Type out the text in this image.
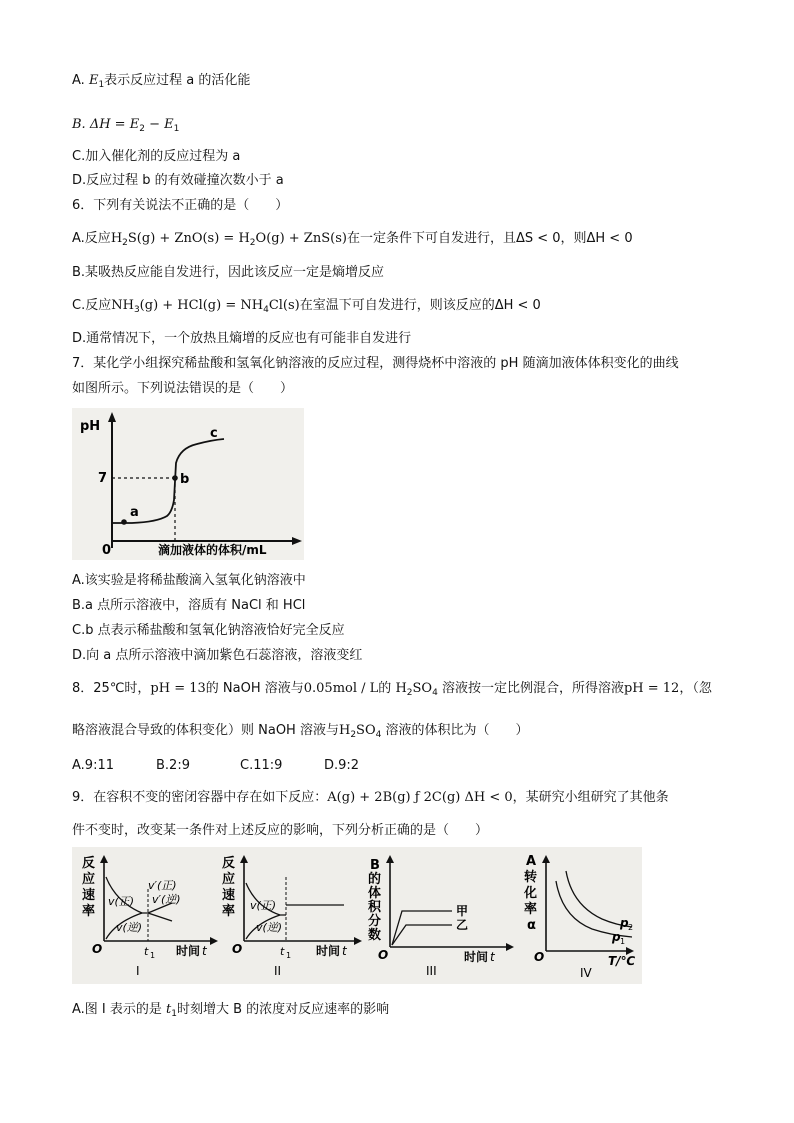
A. $E_1$表示反应过程 a 的活化能
B. $\Delta H = E_2 - E_1$
C.加入催化剂的反应过程为 a
D.反应过程 b 的有效碰撞次数小于 a
6．下列有关说法不正确的是（　　）
A.反应$H_2S(g) + ZnO(s) = H_2O(g) + ZnS(s)$在一定条件下可自发进行，且ΔS < 0，则ΔH < 0
B.某吸热反应能自发进行，因此该反应一定是熵增反应
C.反应$NH_3(g) + HCl(g) = NH_4Cl(s)$在室温下可自发进行，则该反应的ΔH < 0
D.通常情况下，一个放热且熵增的反应也有可能非自发进行
7．某化学小组探究稀盐酸和氢氧化钠溶液的反应过程，测得烧杯中溶液的 pH 随滴加液体体积变化的曲线
如图所示。下列说法错误的是（　　）
pH
7
0	滴加液体的体积/mL
a
b
c
A.该实验是将稀盐酸滴入氢氧化钠溶液中
B.a 点所示溶液中，溶质有 NaCl 和 HCl
C.b 点表示稀盐酸和氢氧化钠溶液恰好完全反应
D.向 a 点所示溶液中滴加紫色石蕊溶液，溶液变红
8．25℃时，pH = 13的 NaOH 溶液与0.05mol / L的 $H_2SO_4$ 溶液按一定比例混合，所得溶液pH = 12，（忽
略溶液混合导致的体积变化）则 NaOH 溶液与$H_2SO_4$ 溶液的体积比为（　　）
A.9:11	B.2:9	C.11:9	D.9:2
9．在容积不变的密闭容器中存在如下反应：A(g) + 2B(g) ƒ 2C(g) ΔH < 0，某研究小组研究了其他条
件不变时，改变某一条件对上述反应的影响，下列分析正确的是（　　）
反
应
速
率
v(正)
v(逆)
v′(正)
v′(逆)
O	t 1 时间 t
I
反
应
速
率 v(正)
v(逆)
O	t 1 时间 t
II
B
的
体
积
分
数
甲
乙
O	时间 t
III
A
转
化
率
α	p 2
p 1
O	T/℃
IV
A.图 I 表示的是 $t_1$时刻增大 B 的浓度对反应速率的影响
